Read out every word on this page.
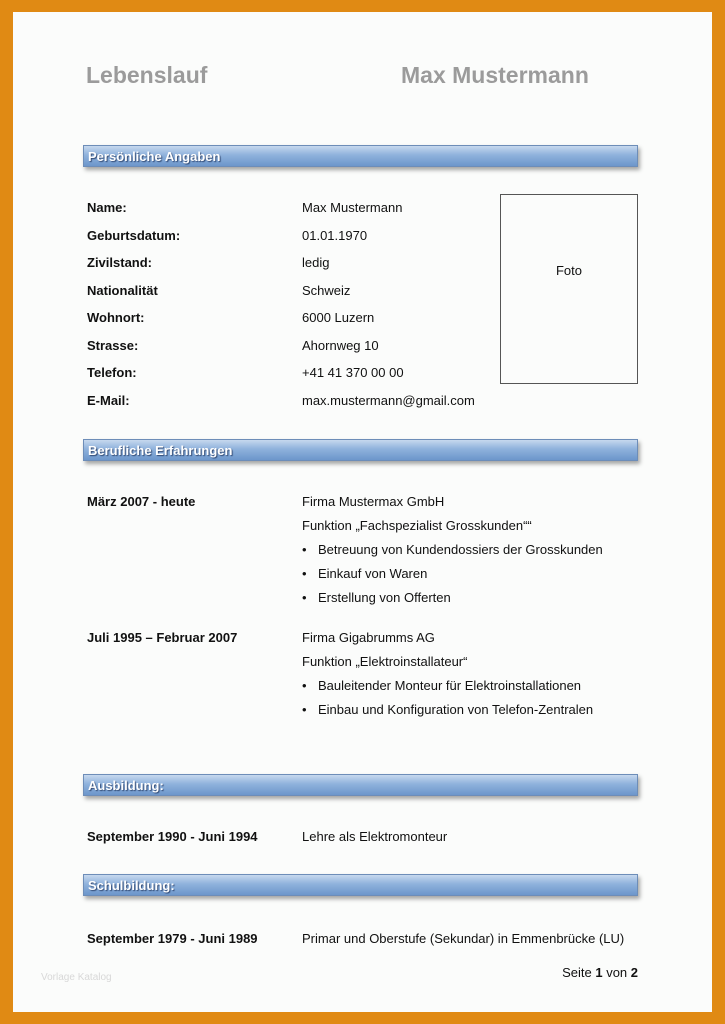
Lebenslauf	Max Mustermann
Persönliche Angaben
Name:	Max Mustermann
Geburtsdatum:	01.01.1970
Zivilstand:	ledig
Nationalität	Schweiz
Wohnort:	6000 Luzern
Strasse:	Ahornweg 10
Telefon:	+41 41 370 00 00
E-Mail:	max.mustermann@gmail.com
Foto
Berufliche Erfahrungen
März 2007 - heute	Firma Mustermax GmbH
Funktion „Fachspezialist Grosskunden““
• Betreuung von Kundendossiers der Grosskunden
• Einkauf von Waren
• Erstellung von Offerten
Juli 1995 – Februar 2007	Firma Gigabrumms AG
Funktion „Elektroinstallateur“
• Bauleitender Monteur für Elektroinstallationen
• Einbau und Konfiguration von Telefon-Zentralen
Ausbildung:
September 1990 - Juni 1994	Lehre als Elektromonteur
Schulbildung:
September 1979 - Juni 1989	Primar und Oberstufe (Sekundar) in Emmenbrücke (LU)
Vorlage Katalog	Seite 1 von 2
